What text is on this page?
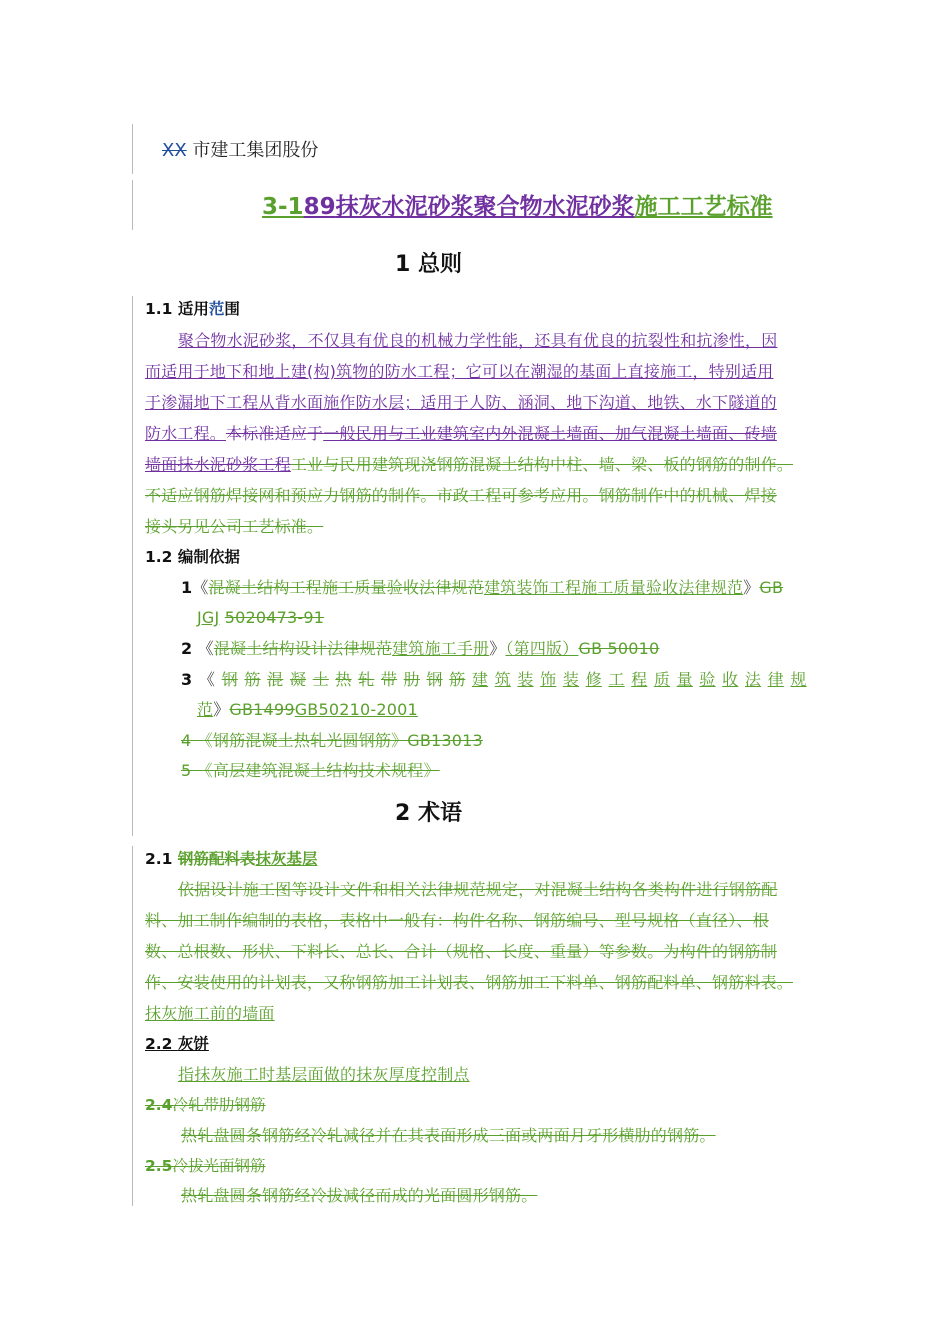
XX 市建工集团股份
3-189抹灰水泥砂浆聚合物水泥砂浆施工工艺标准
1 总则
1.1 适用范围
聚合物水泥砂浆，不仅具有优良的机械力学性能，还具有优良的抗裂性和抗渗性，因
而适用于地下和地上建(构)筑物的防水工程；它可以在潮湿的基面上直接施工，特别适用
于渗漏地下工程从背水面施作防水层；适用于人防、涵洞、地下沟道、地铁、水下隧道的
防水工程。本标准适应于一般民用与工业建筑室内外混凝土墙面、加气混凝土墙面、砖墙
墙面抹水泥砂浆工程工业与民用建筑现浇钢筋混凝土结构中柱、墙、梁、板的钢筋的制作。
不适应钢筋焊接网和预应力钢筋的制作。市政工程可参考应用。钢筋制作中的机械、焊接
接头另见公司工艺标准。
1.2 编制依据
1《混凝土结构工程施工质量验收法律规范建筑装饰工程施工质量验收法律规范》GB
JGJ 5020473-91
2 《混凝土结构设计法律规范建筑施工手册》（第四版）GB 50010
3 《 钢 筋 混 凝 土 热 轧 带 肋 钢 筋 建 筑 装 饰 装 修 工 程 质 量 验 收 法 律 规
范》GB1499GB50210-2001
4 《钢筋混凝土热轧光圆钢筋》GB13013
5 《高层建筑混凝土结构技术规程》
2 术语
2.1 钢筋配料表抹灰基层
依据设计施工图等设计文件和相关法律规范规定，对混凝土结构各类构件进行钢筋配
料、加工制作编制的表格，表格中一般有：构件名称、钢筋编号、型号规格（直径）、根
数、总根数、形状、下料长、总长、合计（规格、长度、重量）等参数。为构件的钢筋制
作、安装使用的计划表，又称钢筋加工计划表、钢筋加工下料单、钢筋配料单、钢筋料表。
抹灰施工前的墙面
2.2 灰饼
指抹灰施工时基层面做的抹灰厚度控制点
2.4冷轧带肋钢筋
热轧盘圆条钢筋经冷轧减径并在其表面形成三面或两面月牙形横肋的钢筋。
2.5冷拔光面钢筋
热轧盘圆条钢筋经冷拔减径而成的光面圆形钢筋。
